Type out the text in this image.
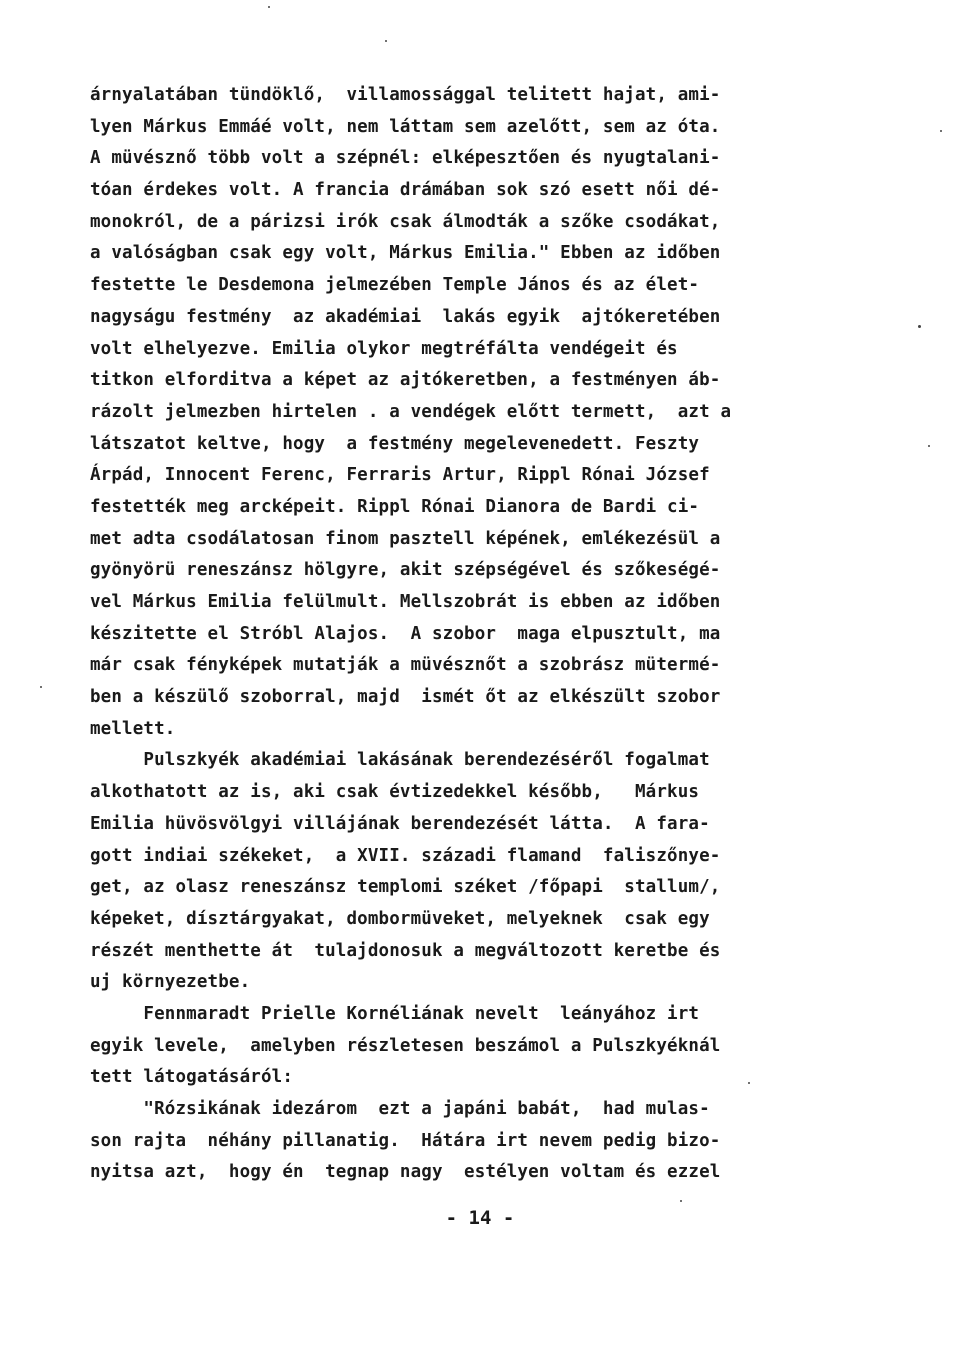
árnyalatában tündöklő,  villamossággal telitett hajat, ami-
lyen Márkus Emmáé volt, nem láttam sem azelőtt, sem az óta.
A müvésznő több volt a szépnél: elképesztően és nyugtalani-
tóan érdekes volt. A francia drámában sok szó esett női dé-
monokról, de a párizsi irók csak álmodták a szőke csodákat,
a valóságban csak egy volt, Márkus Emilia." Ebben az időben
festette le Desdemona jelmezében Temple János és az élet-
nagyságu festmény  az akadémiai  lakás egyik  ajtókeretében
volt elhelyezve. Emilia olykor megtréfálta vendégeit és
titkon elforditva a képet az ajtókeretben, a festményen áb-
rázolt jelmezben hirtelen . a vendégek előtt termett,  azt a
látszatot keltve, hogy  a festmény megelevenedett. Feszty
Árpád, Innocent Ferenc, Ferraris Artur, Rippl Rónai József
festették meg arcképeit. Rippl Rónai Dianora de Bardi ci-
met adta csodálatosan finom pasztell képének, emlékezésül a
gyönyörü reneszánsz hölgyre, akit szépségével és szőkeségé-
vel Márkus Emilia felülmult. Mellszobrát is ebben az időben
készitette el Stróbl Alajos.  A szobor  maga elpusztult, ma
már csak fényképek mutatják a müvésznőt a szobrász mütermé-
ben a készülő szoborral, majd  ismét őt az elkészült szobor
mellett.
Pulszkyék akadémiai lakásának berendezéséről fogalmat
alkothatott az is, aki csak évtizedekkel később,   Márkus
Emilia hüvösvölgyi villájának berendezését látta.  A fara-
gott indiai székeket,  a XVII. századi flamand  faliszőnye-
get, az olasz reneszánsz templomi széket /főpapi  stallum/,
képeket, dísztárgyakat, dombormüveket, melyeknek  csak egy
részét menthette át  tulajdonosuk a megváltozott keretbe és
uj környezetbe.
Fennmaradt Prielle Kornéliának nevelt  leányához irt
egyik levele,  amelyben részletesen beszámol a Pulszkyéknál
tett látogatásáról:
"Rózsikának idezárom  ezt a japáni babát,  had mulas-
son rajta  néhány pillanatig.  Hátára irt nevem pedig bizo-
nyitsa azt,  hogy én  tegnap nagy  estélyen voltam és ezzel
- 14 -
